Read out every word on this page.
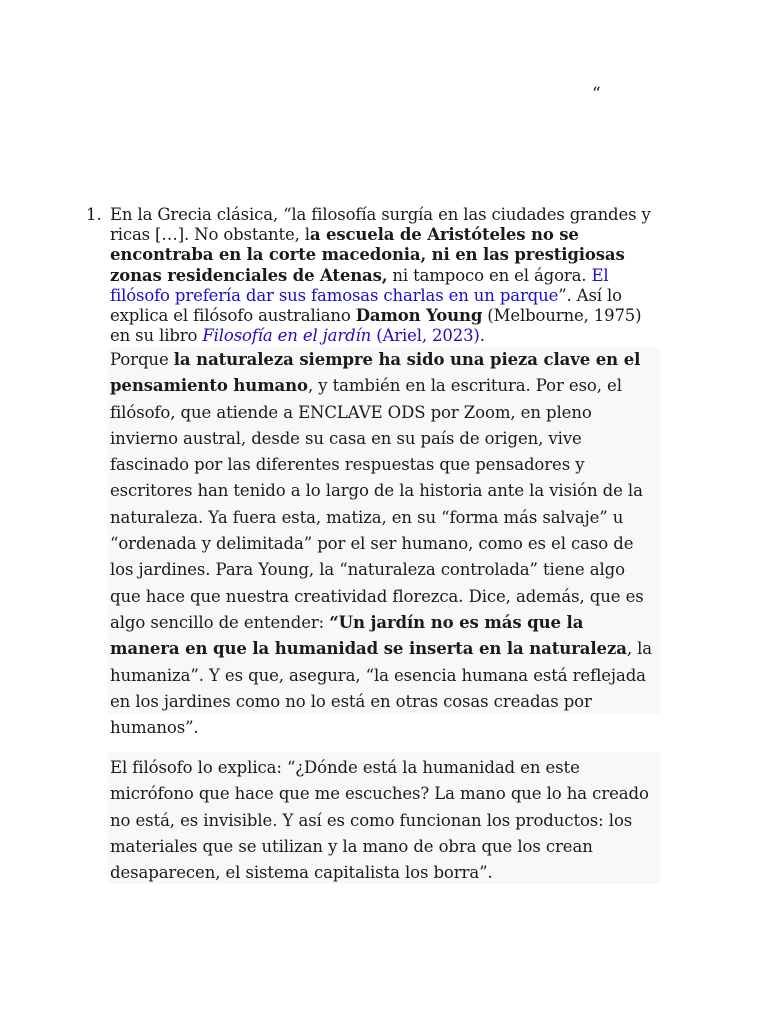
“
1. En la Grecia clásica, “la filosofía surgía en las ciudades grandes y ricas […]. No obstante, la escuela de Aristóteles no se encontraba en la corte macedonia, ni en las prestigiosas zonas residenciales de Atenas, ni tampoco en el ágora. El filósofo prefería dar sus famosas charlas en un parque”. Así lo explica el filósofo australiano Damon Young (Melbourne, 1975) en su libro Filosofía en el jardín (Ariel, 2023).

Porque la naturaleza siempre ha sido una pieza clave en el pensamiento humano, y también en la escritura. Por eso, el filósofo, que atiende a ENCLAVE ODS por Zoom, en pleno invierno austral, desde su casa en su país de origen, vive fascinado por las diferentes respuestas que pensadores y escritores han tenido a lo largo de la historia ante la visión de la naturaleza. Ya fuera esta, matiza, en su “forma más salvaje” u “ordenada y delimitada” por el ser humano, como es el caso de los jardines. Para Young, la “naturaleza controlada” tiene algo que hace que nuestra creatividad florezca. Dice, además, que es algo sencillo de entender: “Un jardín no es más que la manera en que la humanidad se inserta en la naturaleza, la humaniza”. Y es que, asegura, “la esencia humana está reflejada en los jardines como no lo está en otras cosas creadas por humanos”.

El filósofo lo explica: “¿Dónde está la humanidad en este micrófono que hace que me escuches? La mano que lo ha creado no está, es invisible. Y así es como funcionan los productos: los materiales que se utilizan y la mano de obra que los crean desaparecen, el sistema capitalista los borra”.
